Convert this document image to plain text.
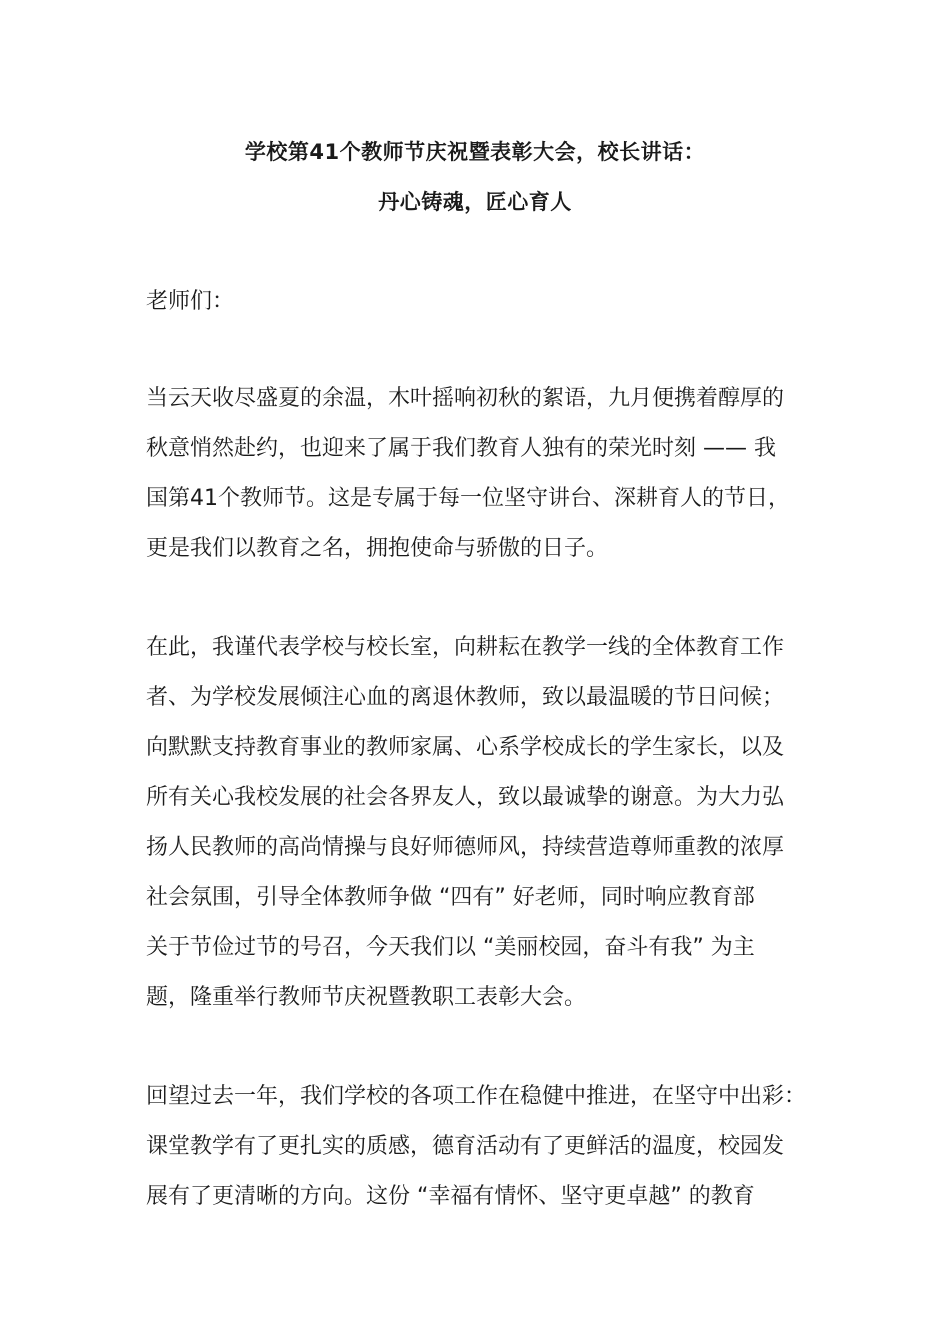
学校第41个教师节庆祝暨表彰大会，校长讲话：
丹心铸魂，匠心育人
老师们：
当云天收尽盛夏的余温，木叶摇响初秋的絮语，九月便携着醇厚的
秋意悄然赴约，也迎来了属于我们教育人独有的荣光时刻 —— 我
国第41个教师节。这是专属于每一位坚守讲台、深耕育人的节日，
更是我们以教育之名，拥抱使命与骄傲的日子。
在此，我谨代表学校与校长室，向耕耘在教学一线的全体教育工作
者、为学校发展倾注心血的离退休教师，致以最温暖的节日问候；
向默默支持教育事业的教师家属、心系学校成长的学生家长，以及
所有关心我校发展的社会各界友人，致以最诚挚的谢意。为大力弘
扬人民教师的高尚情操与良好师德师风，持续营造尊师重教的浓厚
社会氛围，引导全体教师争做 “四有” 好老师，同时响应教育部
关于节俭过节的号召，今天我们以 “美丽校园，奋斗有我” 为主
题，隆重举行教师节庆祝暨教职工表彰大会。
回望过去一年，我们学校的各项工作在稳健中推进，在坚守中出彩：
课堂教学有了更扎实的质感，德育活动有了更鲜活的温度，校园发
展有了更清晰的方向。这份 “幸福有情怀、坚守更卓越” 的教育
